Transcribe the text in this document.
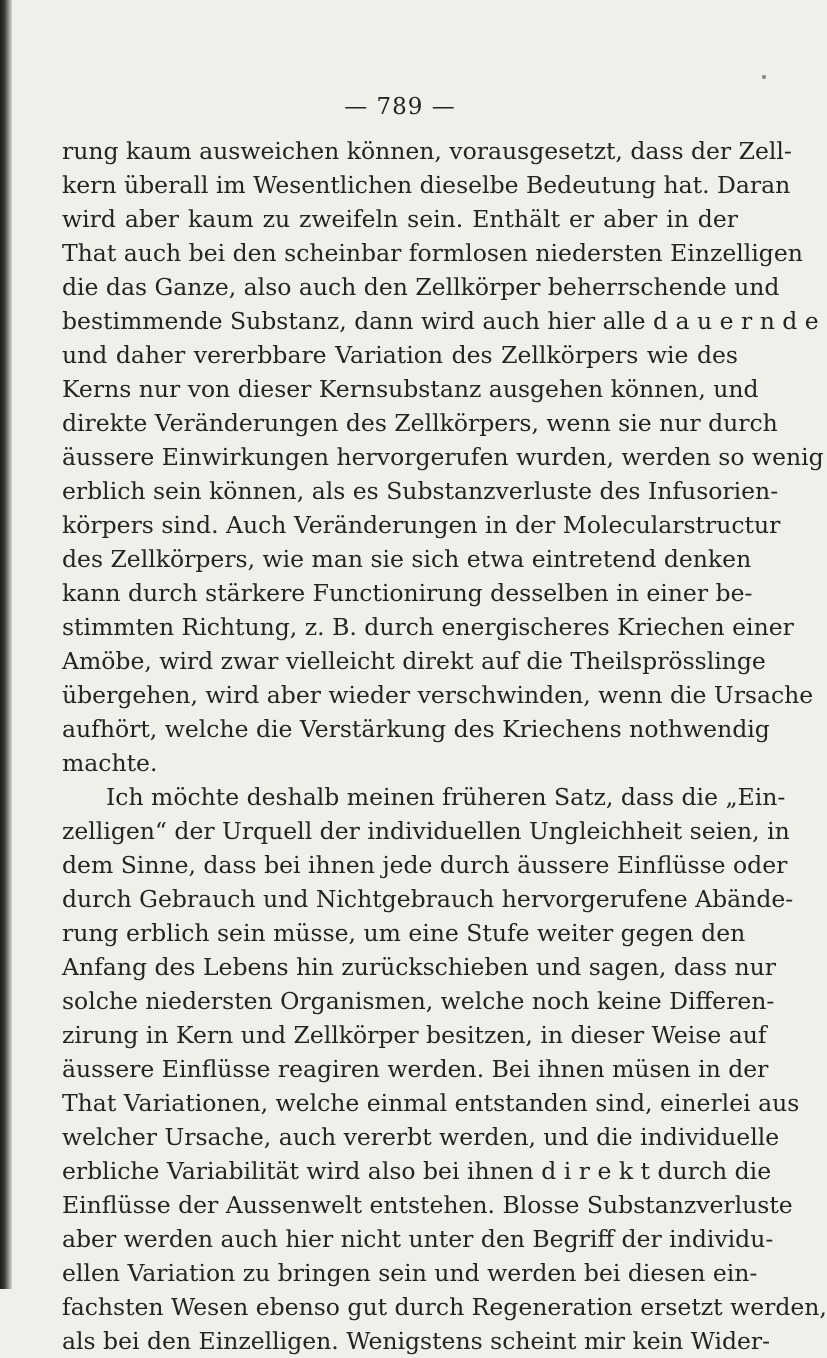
— 789 —
rung kaum ausweichen können, vorausgesetzt, dass der Zell-
kern überall im Wesentlichen dieselbe Bedeutung hat. Daran
wird aber kaum zu zweifeln sein. Enthält er aber in der
That auch bei den scheinbar formlosen niedersten Einzelligen
die das Ganze, also auch den Zellkörper beherrschende und
bestimmende Substanz, dann wird auch hier alle d a u e r n d e
und daher vererbbare Variation des Zellkörpers wie des
Kerns nur von dieser Kernsubstanz ausgehen können, und
direkte Veränderungen des Zellkörpers, wenn sie nur durch
äussere Einwirkungen hervorgerufen wurden, werden so wenig
erblich sein können, als es Substanzverluste des Infusorien-
körpers sind. Auch Veränderungen in der Molecularstructur
des Zellkörpers, wie man sie sich etwa eintretend denken
kann durch stärkere Functionirung desselben in einer be-
stimmten Richtung, z. B. durch energischeres Kriechen einer
Amöbe, wird zwar vielleicht direkt auf die Theilsprösslinge
übergehen, wird aber wieder verschwinden, wenn die Ursache
aufhört, welche die Verstärkung des Kriechens nothwendig
machte.
Ich möchte deshalb meinen früheren Satz, dass die „Ein-
zelligen“ der Urquell der individuellen Ungleichheit seien, in
dem Sinne, dass bei ihnen jede durch äussere Einflüsse oder
durch Gebrauch und Nichtgebrauch hervorgerufene Abände-
rung erblich sein müsse, um eine Stufe weiter gegen den
Anfang des Lebens hin zurückschieben und sagen, dass nur
solche niedersten Organismen, welche noch keine Differen-
zirung in Kern und Zellkörper besitzen, in dieser Weise auf
äussere Einflüsse reagiren werden. Bei ihnen müsen in der
That Variationen, welche einmal entstanden sind, einerlei aus
welcher Ursache, auch vererbt werden, und die individuelle
erbliche Variabilität wird also bei ihnen d i r e k t durch die
Einflüsse der Aussenwelt entstehen. Blosse Substanzverluste
aber werden auch hier nicht unter den Begriff der individu-
ellen Variation zu bringen sein und werden bei diesen ein-
fachsten Wesen ebenso gut durch Regeneration ersetzt werden,
als bei den Einzelligen. Wenigstens scheint mir kein Wider-
